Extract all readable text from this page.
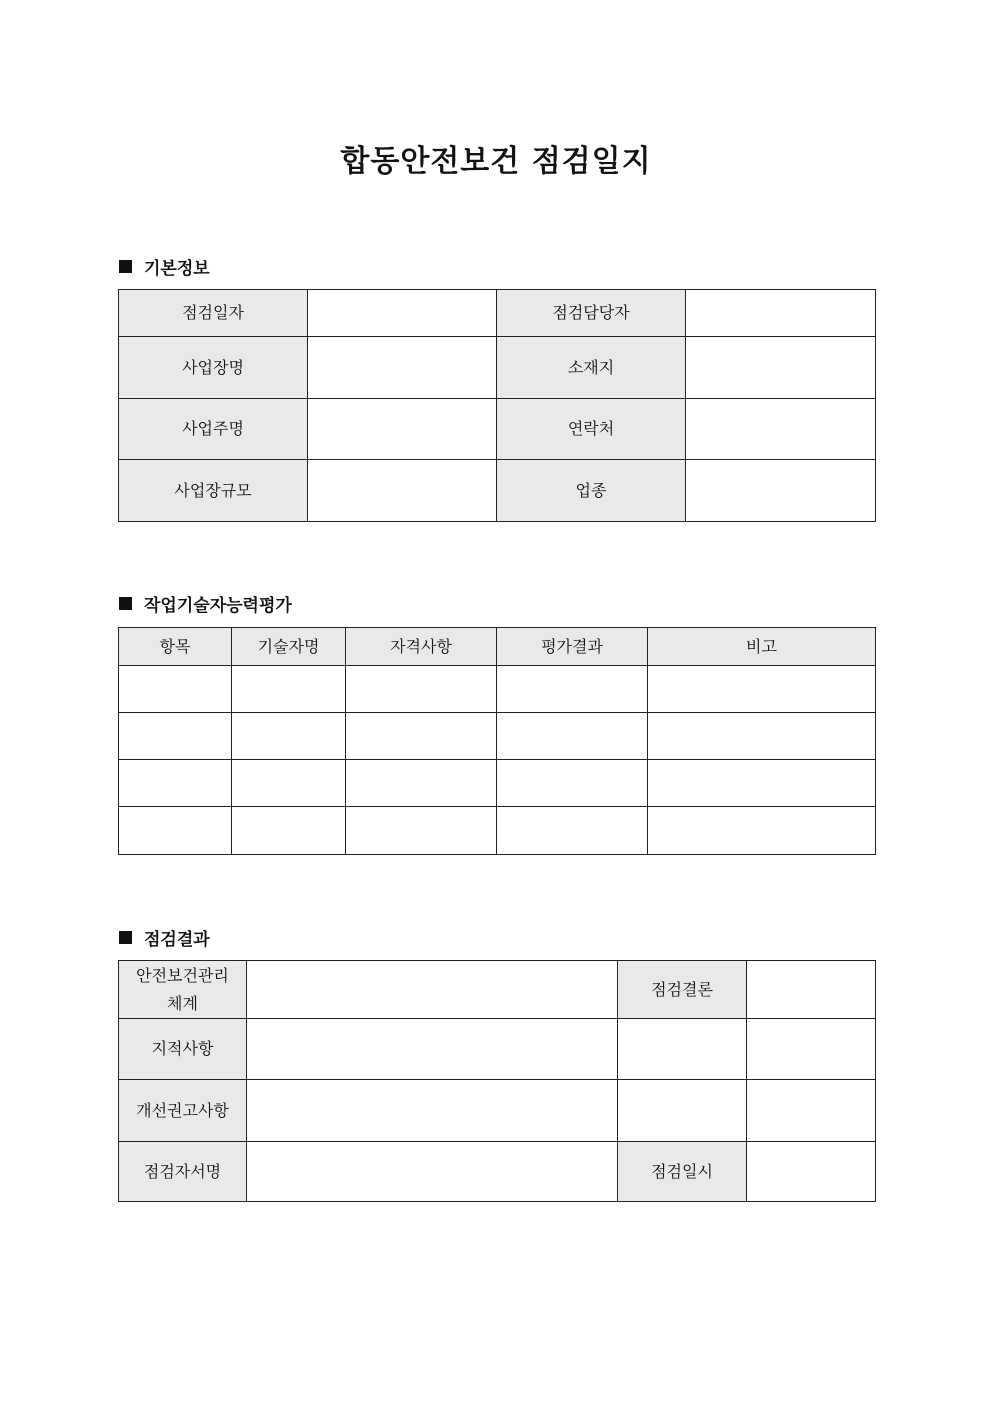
합동안전보건 점검일지
기본정보
점검일자		점검담당자	
사업장명		소재지	
사업주명		연락처	
사업장규모		업종	
작업기술자능력평가
항목	기술자명	자격사항	평가결과	비고

점검결과
안전보건관리 체계		점검결론	
지적사항			
개선권고사항			
점검자서명		점검일시	
